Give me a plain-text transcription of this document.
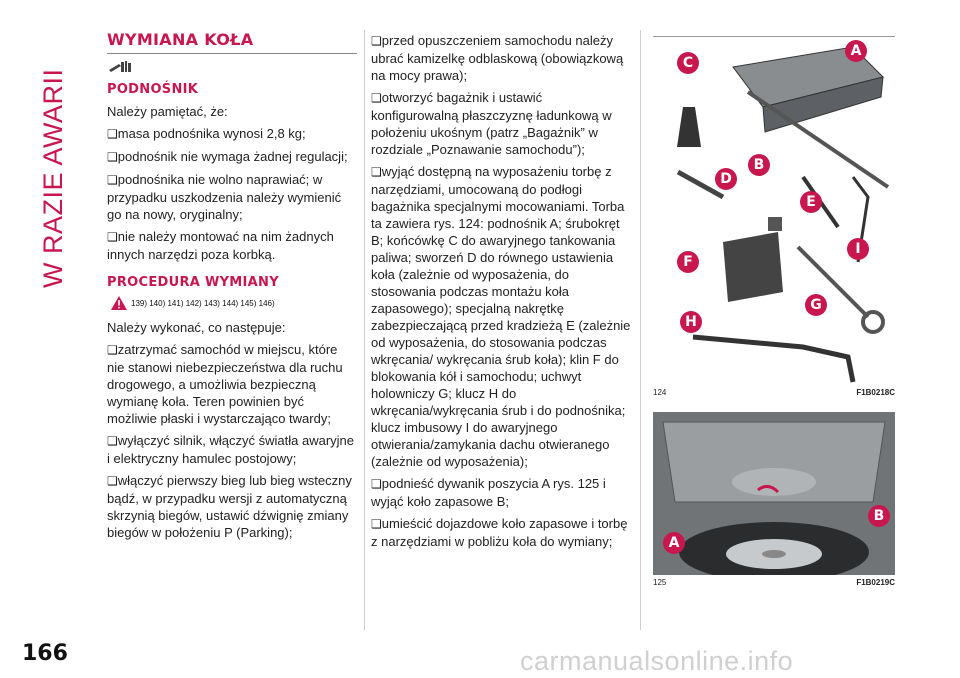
W RAZIE AWARII
WYMIANA KOŁA
PODNOŚNIK

Należy pamiętać, że:

❑ masa podnośnika wynosi 2,8 kg;

❑ podnośnik nie wymaga żadnej regulacji;

❑ podnośnika nie wolno naprawiać; w przypadku uszkodzenia należy wymienić go na nowy, oryginalny;

❑ nie należy montować na nim żadnych innych narzędzi poza korbką.

PROCEDURA WYMIANY
139) 140) 141) 142) 143) 144) 145) 146)

Należy wykonać, co następuje:

❑ zatrzymać samochód w miejscu, które nie stanowi niebezpieczeństwa dla ruchu drogowego, a umożliwia bezpieczną wymianę koła. Teren powinien być możliwie płaski i wystarczająco twardy;

❑ wyłączyć silnik, włączyć światła awaryjne i elektryczny hamulec postojowy;

❑ włączyć pierwszy bieg lub bieg wsteczny bądź, w przypadku wersji z automatyczną skrzynią biegów, ustawić dźwignię zmiany biegów w położeniu P (Parking);

❑ przed opuszczeniem samochodu należy ubrać kamizelkę odblaskową (obowiązkową na mocy prawa);

❑ otworzyć bagażnik i ustawić konfigurowalną płaszczyznę ładunkową w położeniu ukośnym (patrz „Bagażnik” w rozdziale „Poznawanie samochodu”);

❑ wyjąć dostępną na wyposażeniu torbę z narzędziami, umocowaną do podłogi bagażnika specjalnymi mocowaniami. Torba ta zawiera rys. 124: podnośnik A; śrubokręt B; końcówkę C do awaryjnego tankowania paliwa; sworzeń D do równego ustawienia koła (zależnie od wyposażenia, do stosowania podczas montażu koła zapasowego); specjalną nakrętkę zabezpieczającą przed kradzieżą E (zależnie od wyposażenia, do stosowania podczas wkręcania/ wykręcania śrub koła); klin F do blokowania kół i samochodu; uchwyt holowniczy G; klucz H do wkręcania/wykręcania śrub i do podnośnika; klucz imbusowy I do awaryjnego otwierania/zamykania dachu otwieranego (zależnie od wyposażenia);

❑ podnieść dywanik poszycia A rys. 125 i wyjąć koło zapasowe B;

❑ umieścić dojazdowe koło zapasowe i torbę z narzędziami w pobliżu koła do wymiany;

A
B
C
D
E
F
G
H
I
124	F1B0218C
B
A
125	F1B0219C
166	carmanualsonline.info
